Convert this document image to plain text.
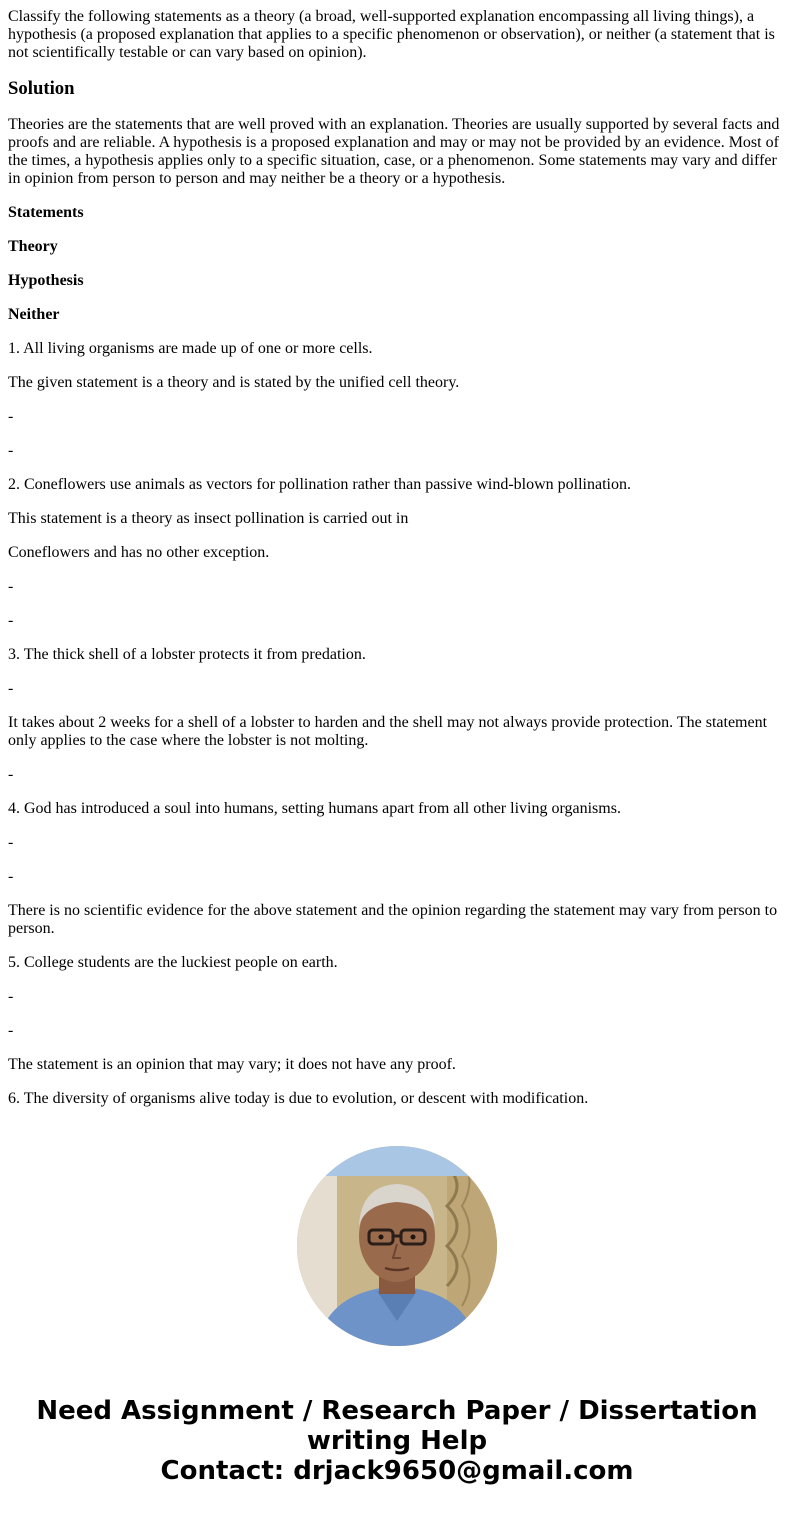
Classify the following statements as a theory (a broad, well-supported explanation encompassing all living things), a hypothesis (a proposed explanation that applies to a specific phenomenon or observation), or neither (a statement that is not scientifically testable or can vary based on opinion).

Solution

Theories are the statements that are well proved with an explanation. Theories are usually supported by several facts and proofs and are reliable. A hypothesis is a proposed explanation and may or may not be provided by an evidence. Most of the times, a hypothesis applies only to a specific situation, case, or a phenomenon. Some statements may vary and differ in opinion from person to person and may neither be a theory or a hypothesis.

Statements

Theory

Hypothesis

Neither

1. All living organisms are made up of one or more cells.

The given statement is a theory and is stated by the unified cell theory.

-

-

2. Coneflowers use animals as vectors for pollination rather than passive wind-blown pollination.

This statement is a theory as insect pollination is carried out in

Coneflowers and has no other exception.

-

-

3. The thick shell of a lobster protects it from predation.

-

It takes about 2 weeks for a shell of a lobster to harden and the shell may not always provide protection. The statement only applies to the case where the lobster is not molting.

-

4. God has introduced a soul into humans, setting humans apart from all other living organisms.

-

-

There is no scientific evidence for the above statement and the opinion regarding the statement may vary from person to person.

5. College students are the luckiest people on earth.

-

-

The statement is an opinion that may vary; it does not have any proof.

6. The diversity of organisms alive today is due to evolution, or descent with modification.

Need Assignment / Research Paper / Dissertation writing Help
Contact: drjack9650@gmail.com
